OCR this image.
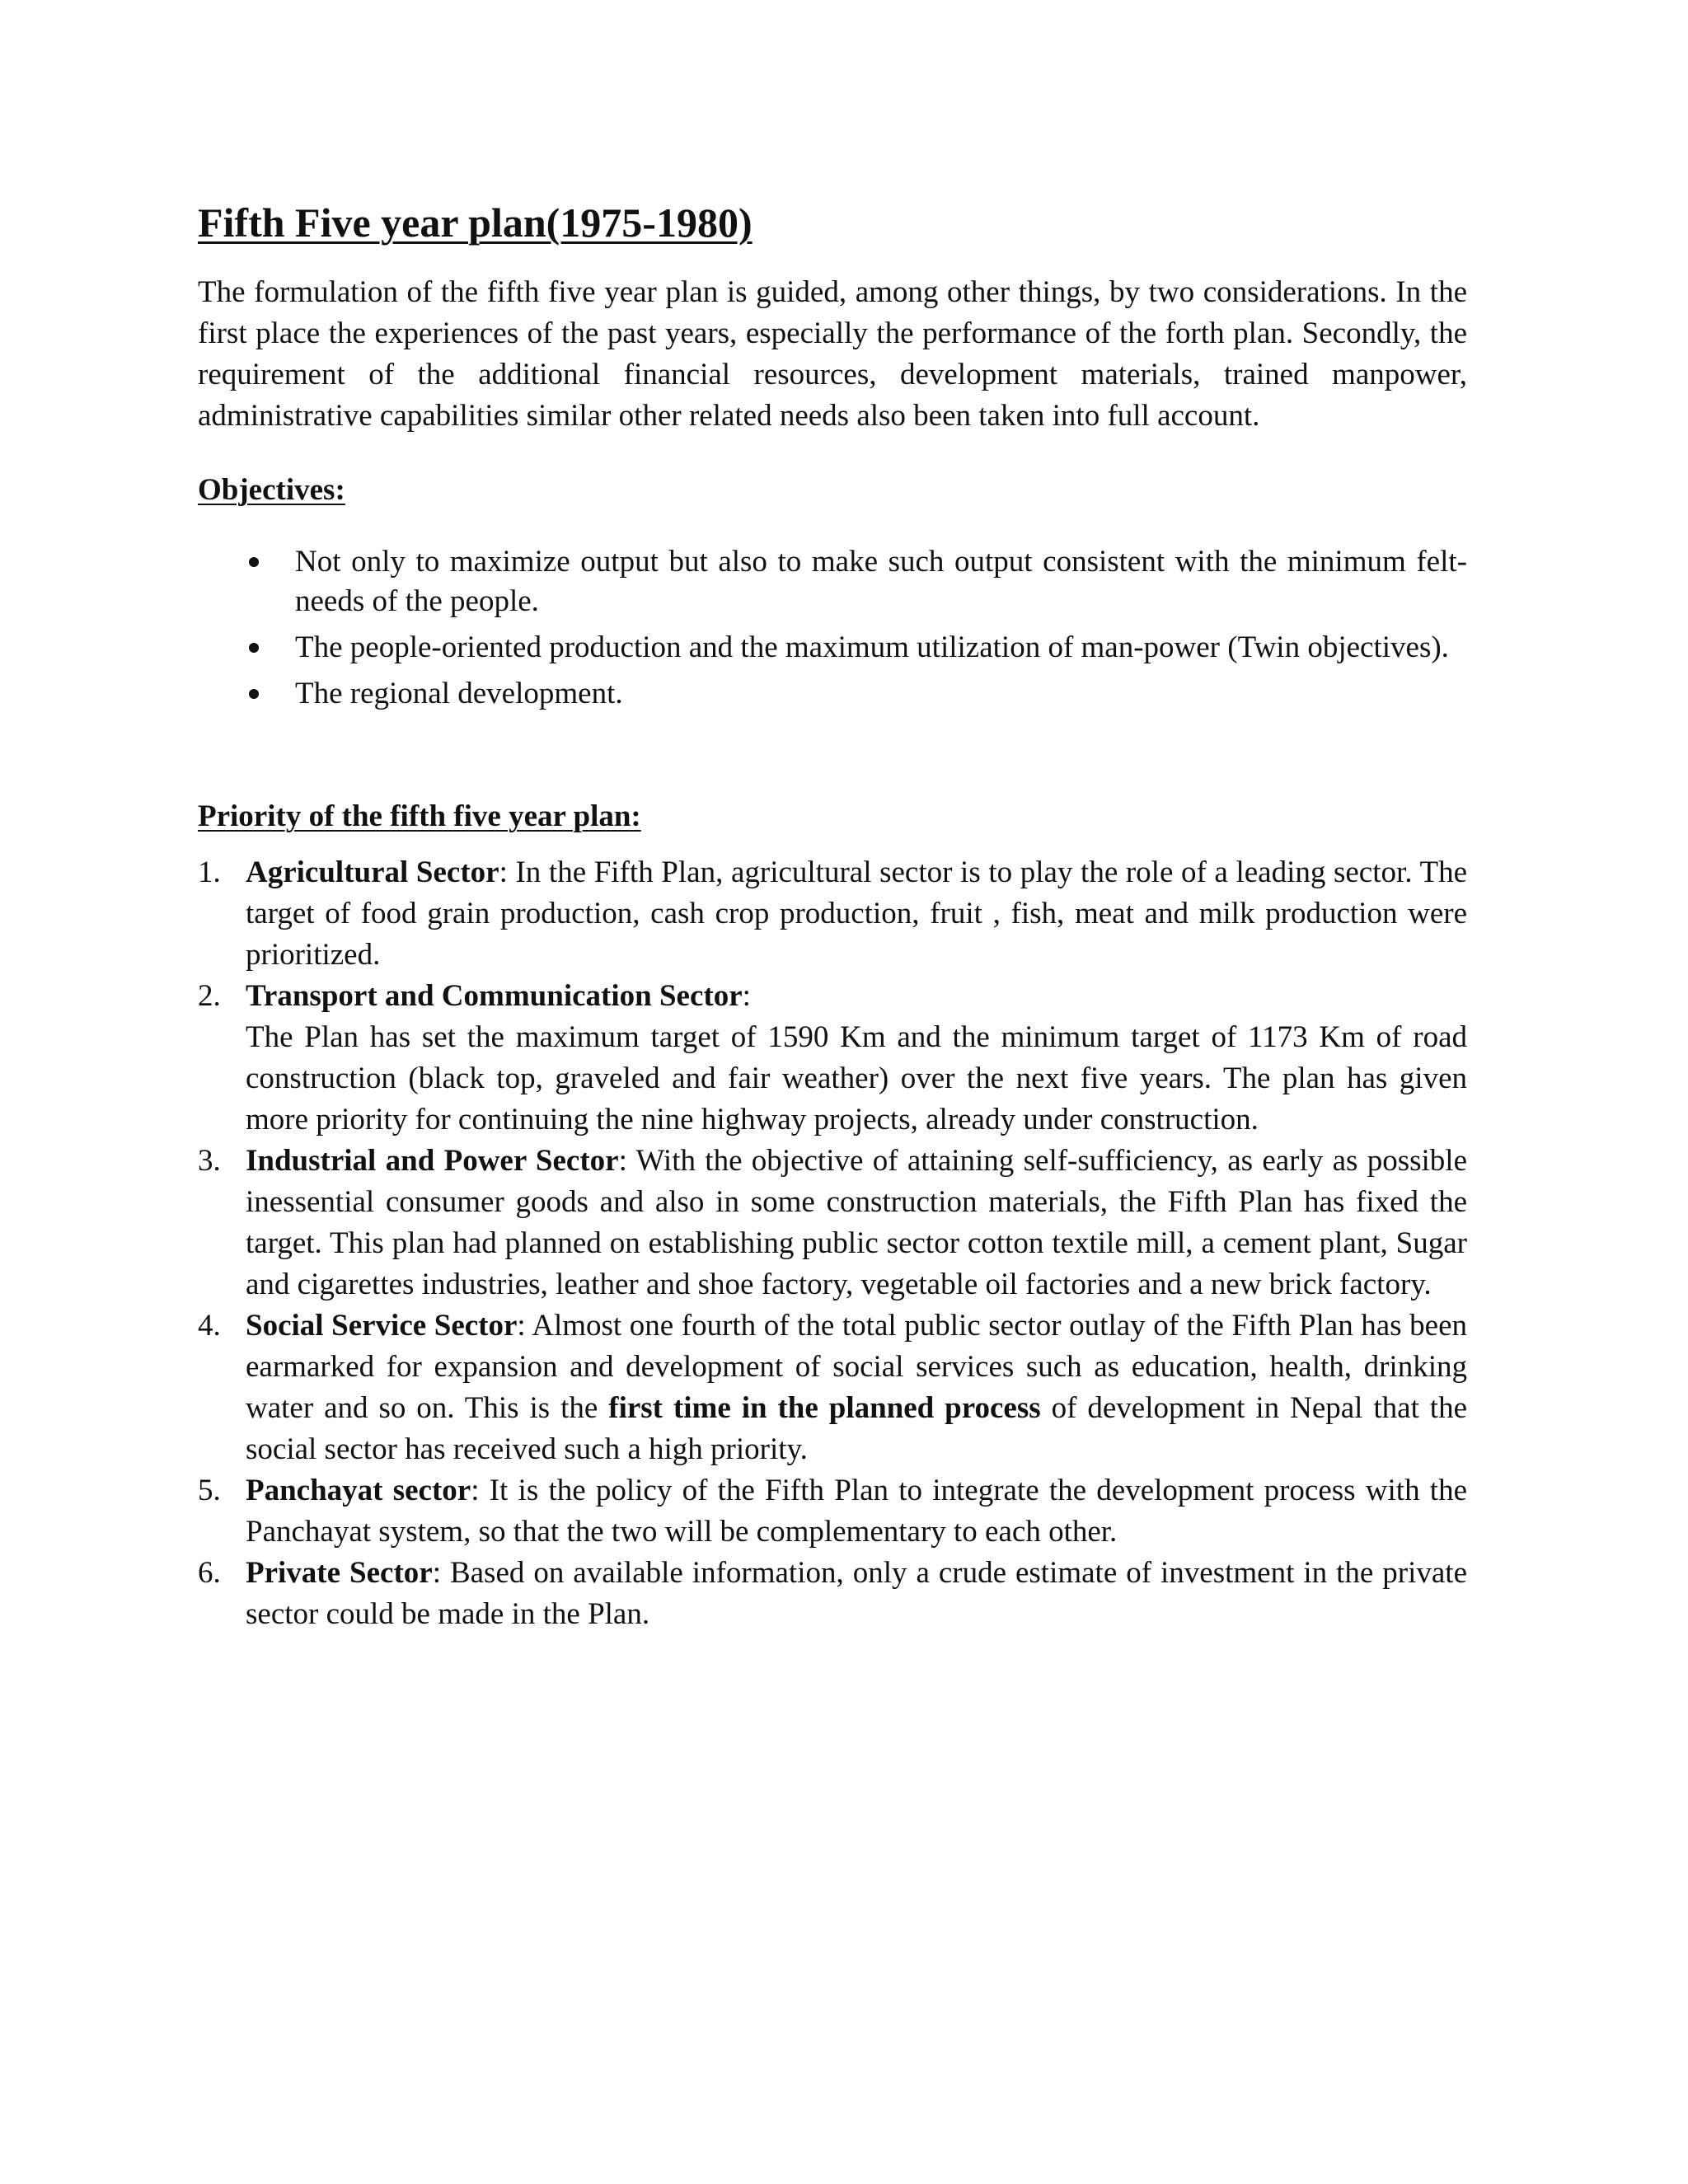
Fifth Five year plan(1975-1980)

The formulation of the fifth five year plan is guided, among other things, by two considerations. In the first place the experiences of the past years, especially the performance of the forth plan. Secondly, the requirement of the additional financial resources, development materials, trained manpower, administrative capabilities similar other related needs also been taken into full account.

Objectives:
Not only to maximize output but also to make such output consistent with the minimum felt-needs of the people.
The people-oriented production and the maximum utilization of man-power (Twin objectives).
The regional development.
Priority of the fifth five year plan:
1. Agricultural Sector: In the Fifth Plan, agricultural sector is to play the role of a leading sector. The target of food grain production, cash crop production, fruit , fish, meat and milk production were prioritized.
2. Transport and Communication Sector:
The Plan has set the maximum target of 1590 Km and the minimum target of 1173 Km of road construction (black top, graveled and fair weather) over the next five years. The plan has given more priority for continuing the nine highway projects, already under construction.
3. Industrial and Power Sector: With the objective of attaining self-sufficiency, as early as possible inessential consumer goods and also in some construction materials, the Fifth Plan has fixed the target. This plan had planned on establishing public sector cotton textile mill, a cement plant, Sugar and cigarettes industries, leather and shoe factory, vegetable oil factories and a new brick factory.
4. Social Service Sector: Almost one fourth of the total public sector outlay of the Fifth Plan has been earmarked for expansion and development of social services such as education, health, drinking water and so on. This is the first time in the planned process of development in Nepal that the social sector has received such a high priority.
5. Panchayat sector: It is the policy of the Fifth Plan to integrate the development process with the Panchayat system, so that the two will be complementary to each other.
6. Private Sector: Based on available information, only a crude estimate of investment in the private sector could be made in the Plan.
